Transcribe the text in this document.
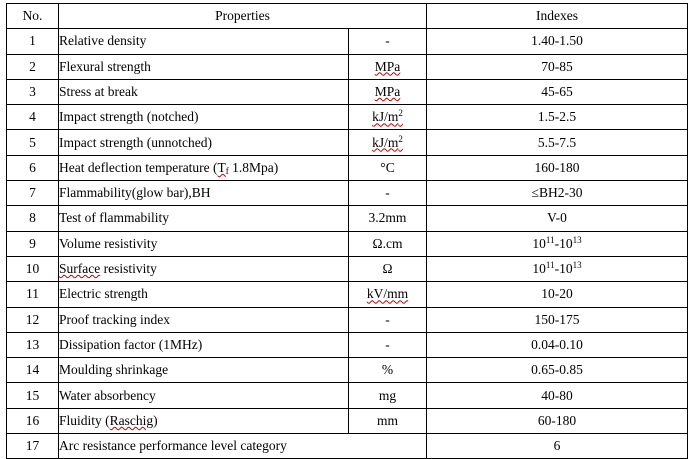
No.	Properties		Indexes
1	Relative density	-	1.40-1.50
2	Flexural strength	MPa	70-85
3	Stress at break	MPa	45-65
4	Impact strength (notched)	$kJ/m^2$	1.5-2.5
5	Impact strength (unnotched)	$kJ/m^2$	5.5-7.5
6	Heat deflection temperature ($T_f$ 1.8Mpa)	°C	160-180
7	Flammability(glow bar),BH	-	≤BH2-30
8	Test of flammability	3.2mm	V-0
9	Volume resistivity	Ω.cm	$10^{11}-10^{13}$
10	Surface resistivity	Ω	$10^{11}-10^{13}$
11	Electric strength	kV/mm	10-20
12	Proof tracking index	-	150-175
13	Dissipation factor (1MHz)	-	0.04-0.10
14	Moulding shrinkage	%	0.65-0.85
15	Water absorbency	mg	40-80
16	Fluidity (Raschig)	mm	60-180
17	Arc resistance performance level category		6
